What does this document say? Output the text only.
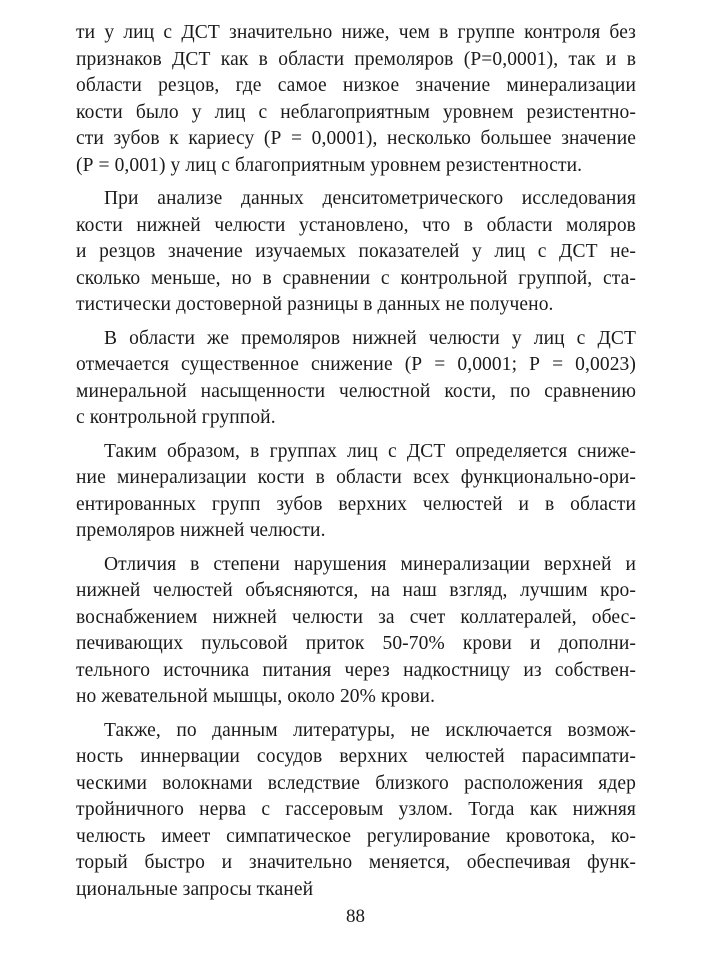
ти у лиц с ДСТ значительно ниже, чем в группе контроля без
признаков ДСТ как в области премоляров (Р=0,0001), так и в
области резцов, где самое низкое значение минерализации
кости было у лиц с неблагоприятным уровнем резистентно-
сти зубов к кариесу (Р = 0,0001), несколько большее значение
(Р = 0,001) у лиц с благоприятным уровнем резистентности.
При анализе данных денситометрического исследования
кости нижней челюсти установлено, что в области моляров
и резцов значение изучаемых показателей у лиц с ДСТ не-
сколько меньше, но в сравнении с контрольной группой, ста-
тистически достоверной разницы в данных не получено.
В области же премоляров нижней челюсти у лиц с ДСТ
отмечается существенное снижение (Р = 0,0001; Р = 0,0023)
минеральной насыщенности челюстной кости, по сравнению
с контрольной группой.
Таким образом, в группах лиц с ДСТ определяется сниже-
ние минерализации кости в области всех функционально-ори-
ентированных групп зубов верхних челюстей и в области
премоляров нижней челюсти.
Отличия в степени нарушения минерализации верхней и
нижней челюстей объясняются, на наш взгляд, лучшим кро-
воснабжением нижней челюсти за счет коллатералей, обес-
печивающих пульсовой приток 50-70% крови и дополни-
тельного источника питания через надкостницу из собствен-
но жевательной мышцы, около 20% крови.
Также, по данным литературы, не исключается возмож-
ность иннервации сосудов верхних челюстей парасимпати-
ческими волокнами вследствие близкого расположения ядер
тройничного нерва с гассеровым узлом. Тогда как нижняя
челюсть имеет симпатическое регулирование кровотока, ко-
торый быстро и значительно меняется, обеспечивая функ-
циональные запросы тканей
88
